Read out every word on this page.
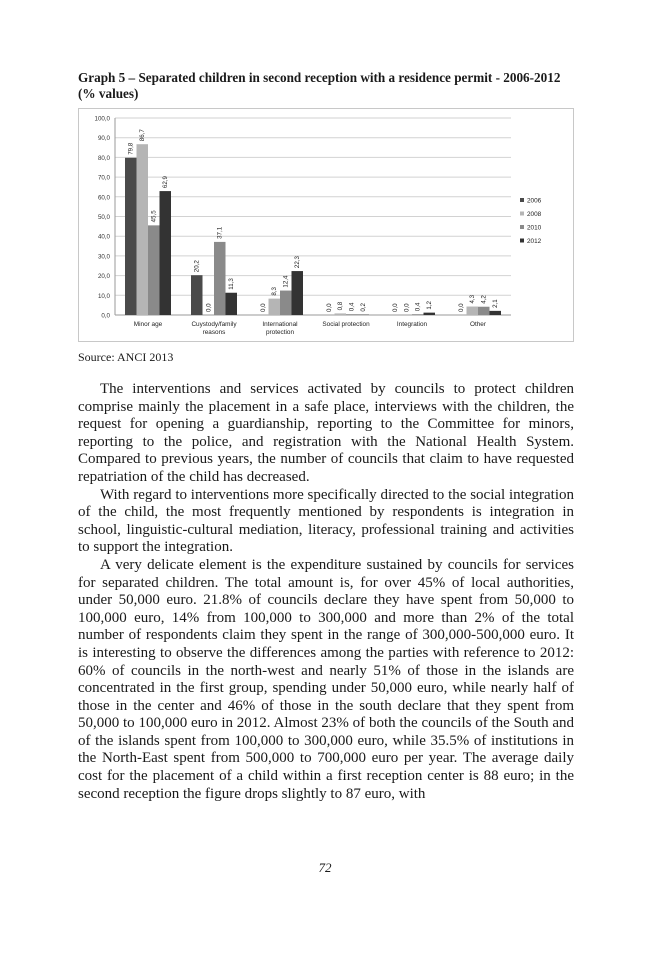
Graph 5 – Separated children in second reception with a residence permit - 2006-2012 (% values)
0,0
10,0
20,0
30,0
40,0
50,0
60,0
70,0
80,0
90,0
100,0
79,8
86,7
45,5
62,9
Minor age
20,2
0,0
37,1
11,3
Cuystody/family
reasons
0,0
8,3
12,4
22,3
International
protection
0,0 0,8 0,4 0,2
Social protection
0,0 0,0 0,4 1,2
Integration
0,0
4,3 4,2 2,1
Other
2006
2008
2010
2012
Source: ANCI 2013

The interventions and services activated by councils to protect children comprise mainly the placement in a safe place, interviews with the children, the request for opening a guardianship, reporting to the Committee for minors, reporting to the police, and registration with the National Health System. Compared to previous years, the number of councils that claim to have requested repatriation of the child has decreased.

With regard to interventions more specifically directed to the social integration of the child, the most frequently mentioned by respondents is integration in school, linguistic-cultural mediation, literacy, professional training and activities to support the integration.

A very delicate element is the expenditure sustained by councils for services for separated children. The total amount is, for over 45% of local authorities, under 50,000 euro. 21.8% of councils declare they have spent from 50,000 to 100,000 euro, 14% from 100,000 to 300,000 and more than 2% of the total number of respondents claim they spent in the range of 300,000-500,000 euro. It is interesting to observe the differences among the parties with reference to 2012: 60% of councils in the north-west and nearly 51% of those in the islands are concentrated in the first group, spending under 50,000 euro, while nearly half of those in the center and 46% of those in the south declare that they spent from 50,000 to 100,000 euro in 2012. Almost 23% of both the councils of the South and of the islands spent from 100,000 to 300,000 euro, while 35.5% of institutions in the North-East spent from 500,000 to 700,000 euro per year. The average daily cost for the placement of a child within a first reception center is 88 euro; in the second reception the figure drops slightly to 87 euro, with

72
